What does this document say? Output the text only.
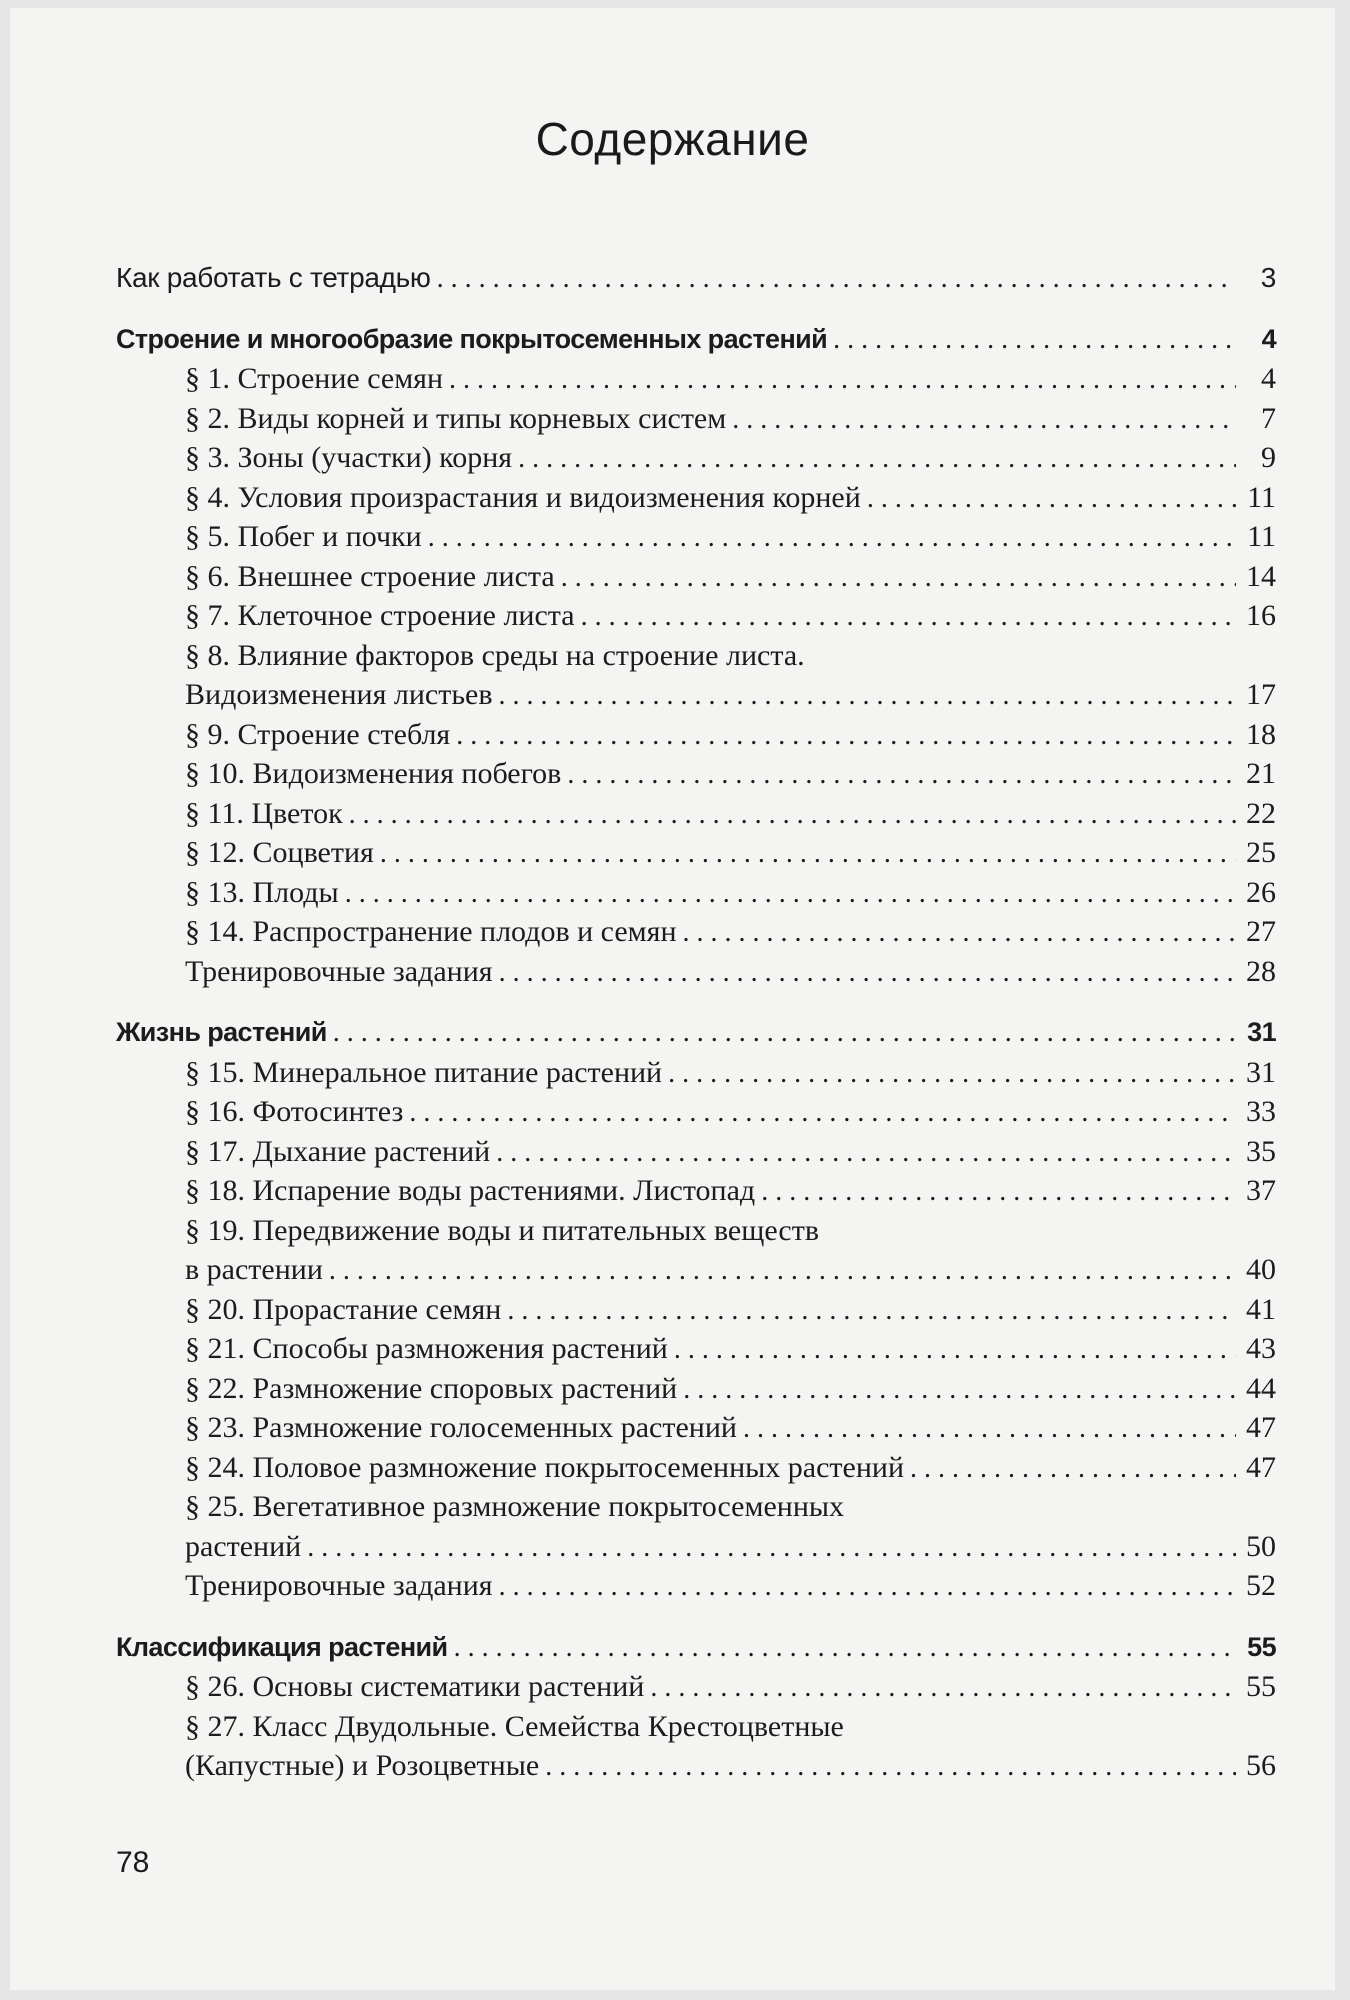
Содержание
Как работать с тетрадью . . .	3
Строение и многообразие покрытосеменных растений . . .	4
§ 1. Строение семян . . .	4
§ 2. Виды корней и типы корневых систем . . .	7
§ 3. Зоны (участки) корня . . .	9
§ 4. Условия произрастания и видоизменения корней . . .	11
§ 5. Побег и почки . . .	11
§ 6. Внешнее строение листа . . .	14
§ 7. Клеточное строение листа . . .	16
§ 8. Влияние факторов среды на строение листа.
Видоизменения листьев . . .	17
§ 9. Строение стебля . . .	18
§ 10. Видоизменения побегов . . .	21
§ 11. Цветок . . .	22
§ 12. Соцветия . . .	25
§ 13. Плоды . . .	26
§ 14. Распространение плодов и семян . . .	27
Тренировочные задания . . .	28
Жизнь растений . . .	31
§ 15. Минеральное питание растений . . .	31
§ 16. Фотосинтез . . .	33
§ 17. Дыхание растений . . .	35
§ 18. Испарение воды растениями. Листопад . . .	37
§ 19. Передвижение воды и питательных веществ
в растении . . .	40
§ 20. Прорастание семян . . .	41
§ 21. Способы размножения растений . . .	43
§ 22. Размножение споровых растений . . .	44
§ 23. Размножение голосеменных растений . . .	47
§ 24. Половое размножение покрытосеменных растений . . .	47
§ 25. Вегетативное размножение покрытосеменных
растений . . .	50
Тренировочные задания . . .	52
Классификация растений . . .	55
§ 26. Основы систематики растений . . .	55
§ 27. Класс Двудольные. Семейства Крестоцветные
(Капустные) и Розоцветные . . .	56
78
